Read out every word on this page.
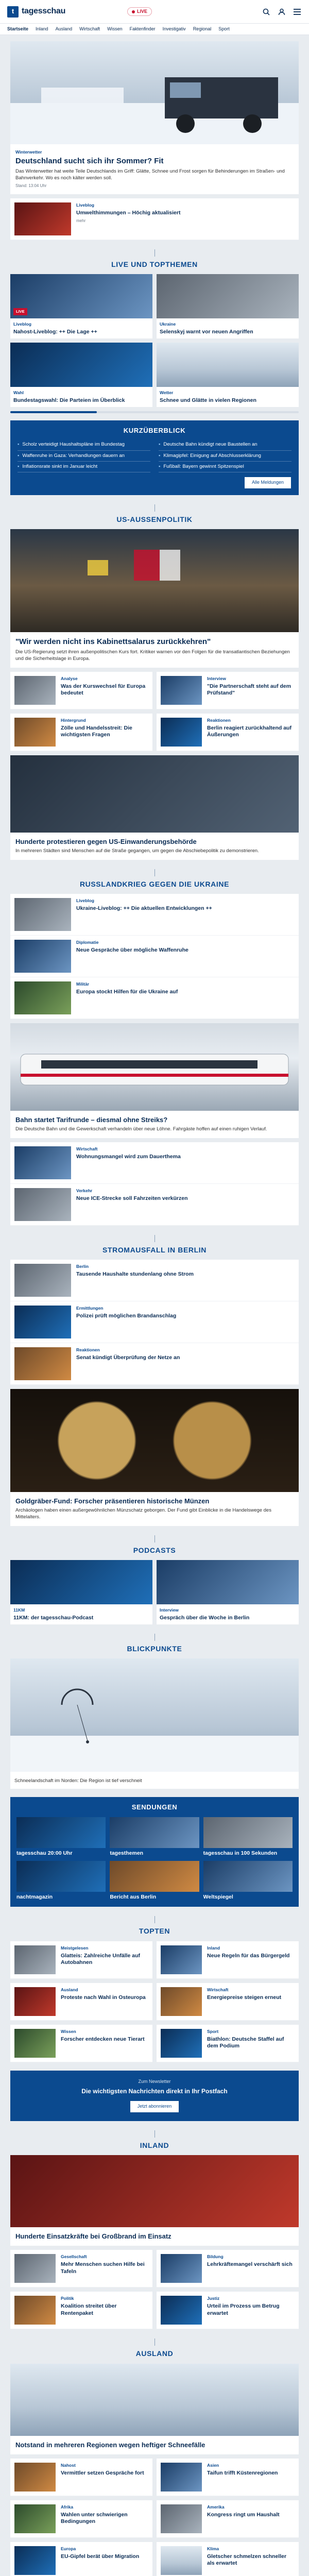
t tagesschau	LIVE
Startseite Inland Ausland Wirtschaft Wissen Faktenfinder Investigativ Regional Sport
Winterwetter
Deutschland sucht sich ihr Sommer? Fit

Das Winterwetter hat weite Teile Deutschlands im Griff: Glätte, Schnee und Frost sorgen für Behinderungen im Straßen- und Bahnverkehr. Wo es noch kälter werden soll.

Stand: 13:04 Uhr
Liveblog
Umwelthimmungen – Höchig aktualisiert
mehr
LIVE UND TOPTHEMEN
LIVE
Liveblog
Nahost-Liveblog: ++ Die Lage ++
Ukraine
Selenskyj warnt vor neuen Angriffen
Wahl
Bundestagswahl: Die Parteien im Überblick
Wetter
Schnee und Glätte in vielen Regionen
KURZÜBERBLICK
▪ Scholz verteidigt Haushaltspläne im Bundestag
▪ Waffenruhe in Gaza: Verhandlungen dauern an
▪ Inflationsrate sinkt im Januar leicht
▪ Deutsche Bahn kündigt neue Baustellen an
▪ Klimagipfel: Einigung auf Abschlusserklärung
▪ Fußball: Bayern gewinnt Spitzenspiel
Alle Meldungen
US-AUSSENPOLITIK
"Wir werden nicht ins Kabinettsalarus zurückkehren"

Die US-Regierung setzt ihren außenpolitischen Kurs fort. Kritiker warnen vor den Folgen für die transatlantischen Beziehungen und die Sicherheitslage in Europa.

Analyse
Was der Kurswechsel für Europa bedeutet
Interview
"Die Partnerschaft steht auf dem Prüfstand"
Hintergrund
Zölle und Handelsstreit: Die wichtigsten Fragen
Reaktionen
Berlin reagiert zurückhaltend auf Äußerungen
Hunderte protestieren gegen US-Einwanderungsbehörde

In mehreren Städten sind Menschen auf die Straße gegangen, um gegen die Abschiebepolitik zu demonstrieren.

RUSSLANDKRIEG GEGEN DIE UKRAINE
Liveblog
Ukraine-Liveblog: ++ Die aktuellen Entwicklungen ++
Diplomatie
Neue Gespräche über mögliche Waffenruhe
Militär
Europa stockt Hilfen für die Ukraine auf
Bahn startet Tarifrunde – diesmal ohne Streiks?

Die Deutsche Bahn und die Gewerkschaft verhandeln über neue Löhne. Fahrgäste hoffen auf einen ruhigen Verlauf.

Wirtschaft
Wohnungsmangel wird zum Dauerthema
Verkehr
Neue ICE-Strecke soll Fahrzeiten verkürzen
STROMAUSFALL IN BERLIN
Berlin
Tausende Haushalte stundenlang ohne Strom
Ermittlungen
Polizei prüft möglichen Brandanschlag
Reaktionen
Senat kündigt Überprüfung der Netze an
Goldgräber-Fund: Forscher präsentieren historische Münzen

Archäologen haben einen außergewöhnlichen Münzschatz geborgen. Der Fund gibt Einblicke in die Handelswege des Mittelalters.

PODCASTS
11KM
11KM: der tagesschau-Podcast
Interview
Gespräch über die Woche in Berlin
BLICKPUNKTE
Schneelandschaft im Norden: Die Region ist tief verschneit
SENDUNGEN
tagesschau 20:00 Uhr	tagesthemen	tagesschau in 100 Sekunden
nachtmagazin	Bericht aus Berlin	Weltspiegel
TOPTEN
Meistgelesen
Glatteis: Zahlreiche Unfälle auf Autobahnen
Inland
Neue Regeln für das Bürgergeld
Ausland
Proteste nach Wahl in Osteuropa
Wirtschaft
Energiepreise steigen erneut
Wissen
Forscher entdecken neue Tierart
Sport
Biathlon: Deutsche Staffel auf dem Podium
Zum Newsletter
Die wichtigsten Nachrichten direkt in Ihr Postfach
Jetzt abonnieren
INLAND
Hunderte Einsatzkräfte bei Großbrand im Einsatz
Gesellschaft
Mehr Menschen suchen Hilfe bei Tafeln
Bildung
Lehrkräftemangel verschärft sich
Politik
Koalition streitet über Rentenpaket
Justiz
Urteil im Prozess um Betrug erwartet
AUSLAND
Notstand in mehreren Regionen wegen heftiger Schneefälle
Nahost
Vermittler setzen Gespräche fort
Asien
Taifun trifft Küstenregionen
Afrika
Wahlen unter schwierigen Bedingungen
Amerika
Kongress ringt um Haushalt
Europa
EU-Gipfel berät über Migration
Klima
Gletscher schmelzen schneller als erwartet
